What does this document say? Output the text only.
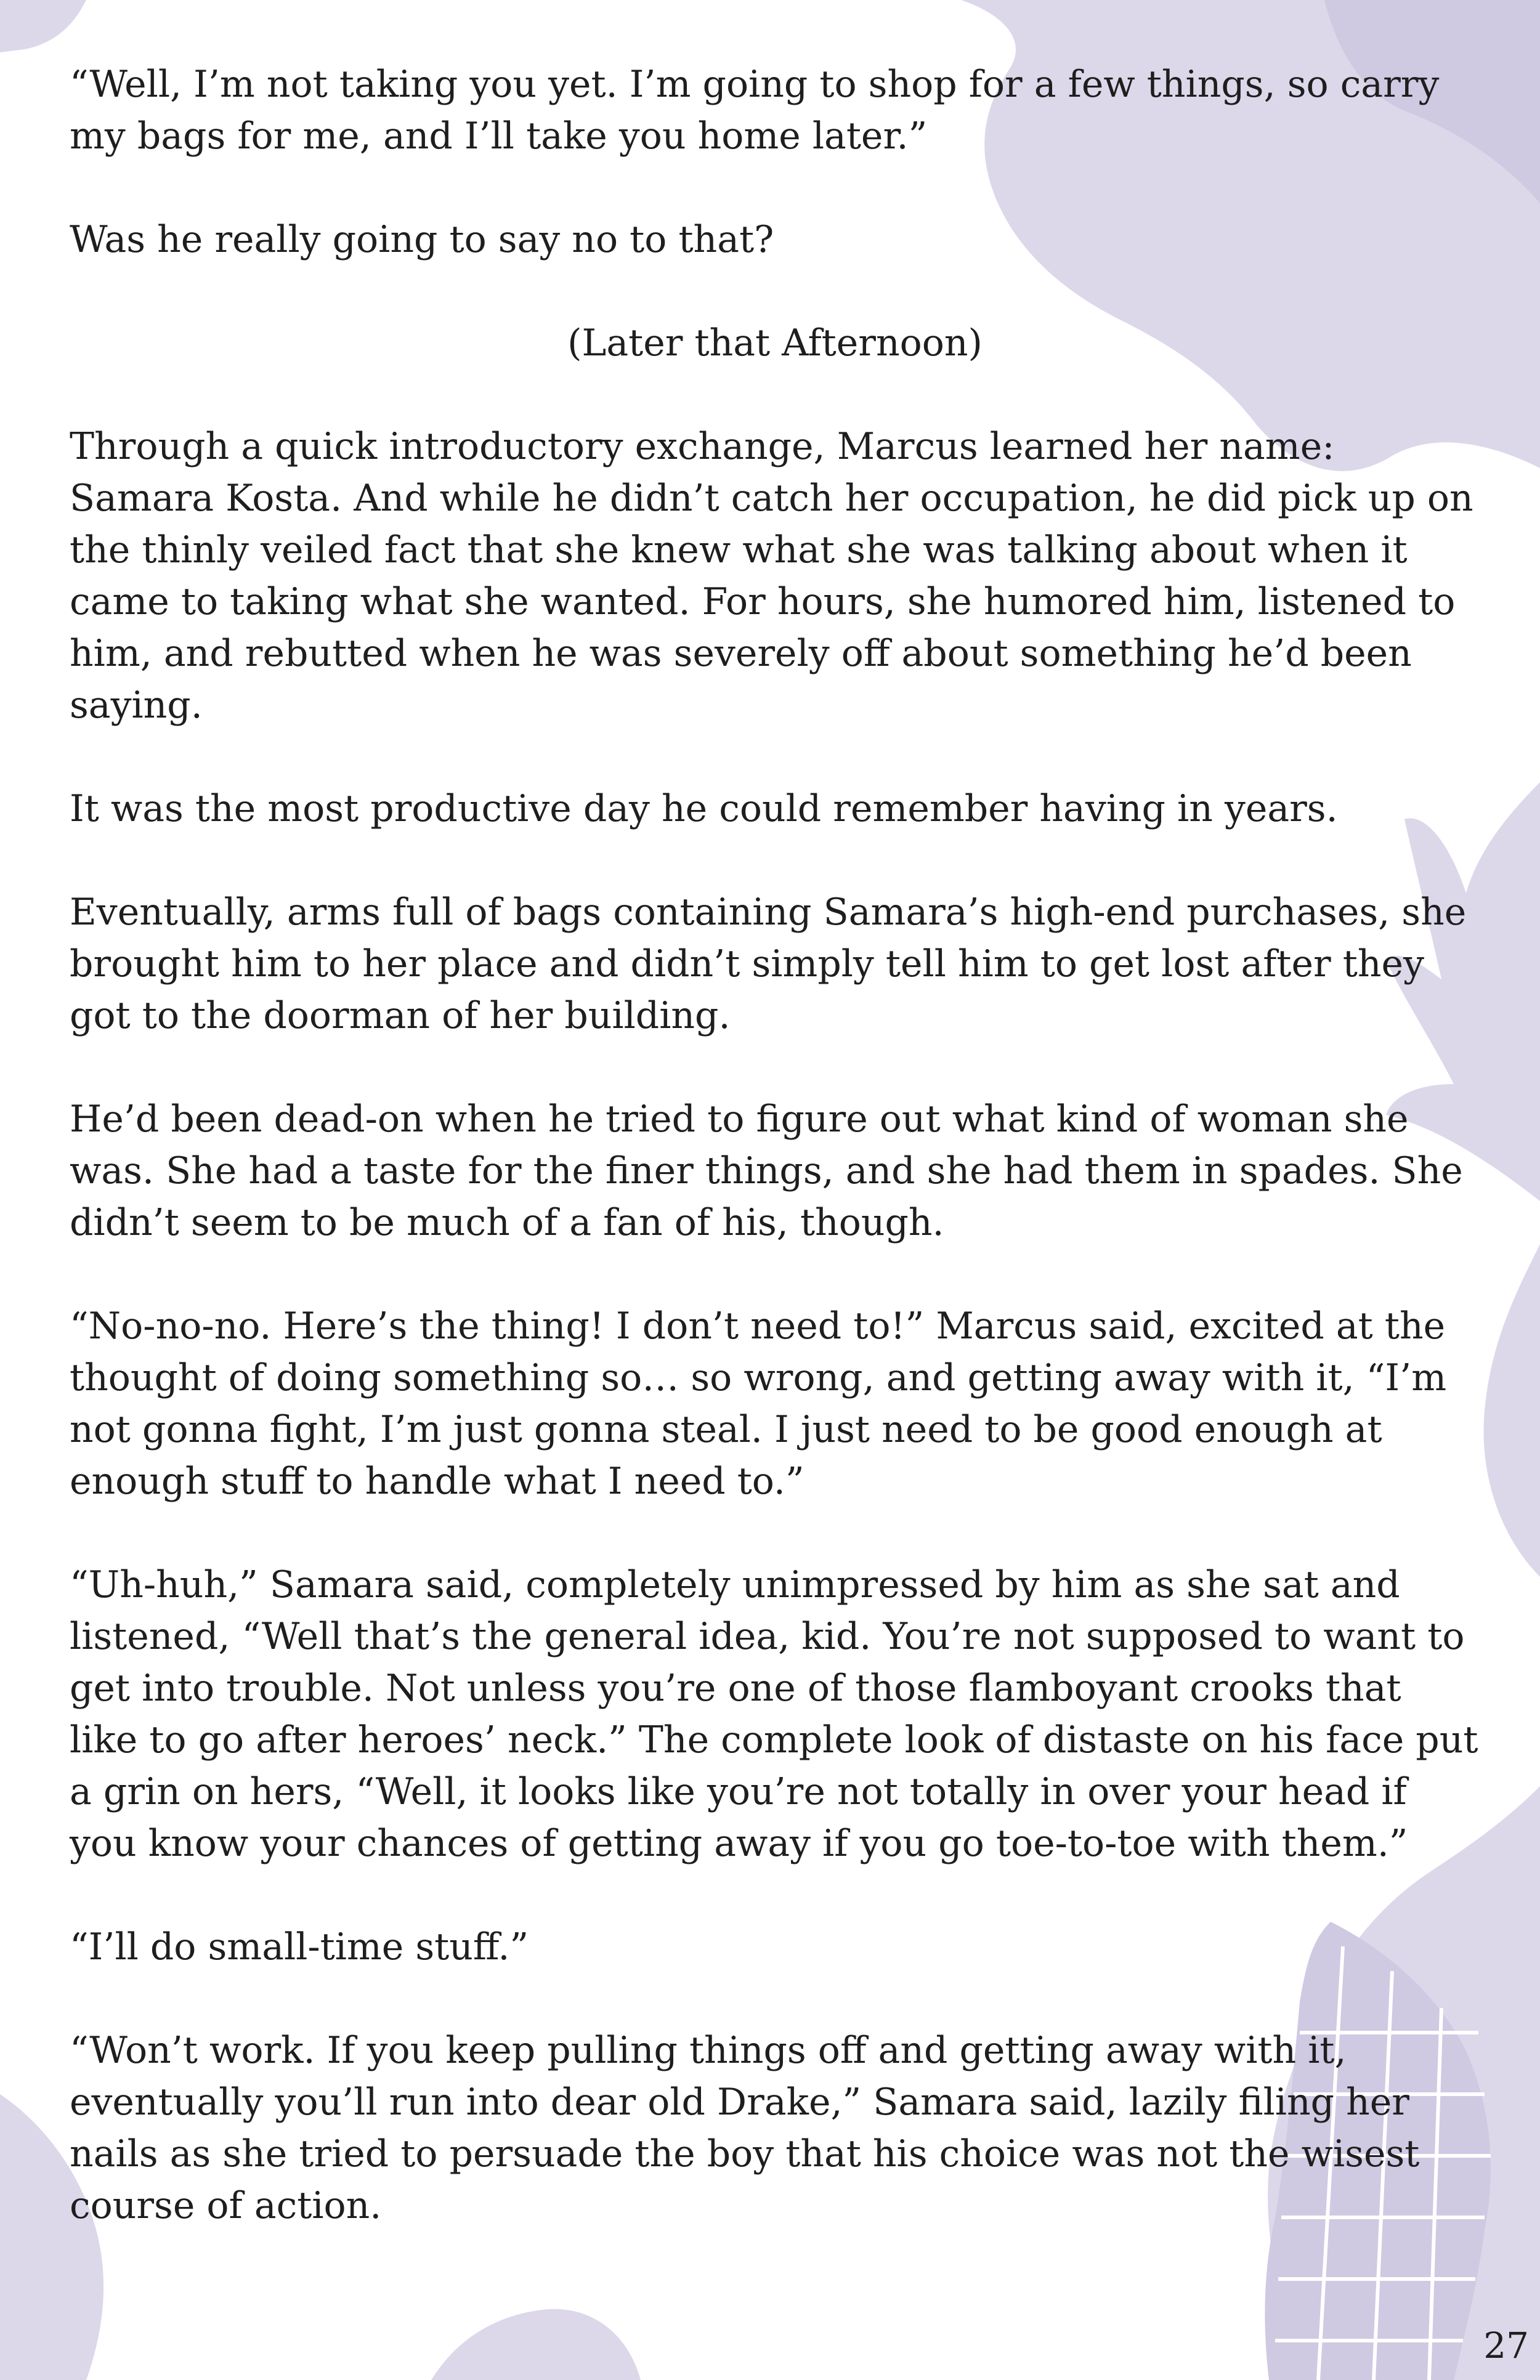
“Well, I’m not taking you yet. I’m going to shop for a few things, so carry my bags for me, and I’ll take you home later.”

Was he really going to say no to that?

(Later that Afternoon)

Through a quick introductory exchange, Marcus learned her name: Samara Kosta. And while he didn’t catch her occupation, he did pick up on the thinly veiled fact that she knew what she was talking about when it came to taking what she wanted. For hours, she humored him, listened to him, and rebutted when he was severely off about something he’d been saying.

It was the most productive day he could remember having in years.

Eventually, arms full of bags containing Samara’s high-end purchases, she brought him to her place and didn’t simply tell him to get lost after they got to the doorman of her building.

He’d been dead-on when he tried to figure out what kind of woman she was. She had a taste for the finer things, and she had them in spades. She didn’t seem to be much of a fan of his, though.

“No-no-no. Here’s the thing! I don’t need to!” Marcus said, excited at the thought of doing something so… so wrong, and getting away with it, “I’m not gonna fight, I’m just gonna steal. I just need to be good enough at enough stuff to handle what I need to.”

“Uh-huh,” Samara said, completely unimpressed by him as she sat and listened, “Well that’s the general idea, kid. You’re not supposed to want to get into trouble. Not unless you’re one of those flamboyant crooks that like to go after heroes’ neck.” The complete look of distaste on his face put a grin on hers, “Well, it looks like you’re not totally in over your head if you know your chances of getting away if you go toe-to-toe with them.”

“I’ll do small-time stuff.”

“Won’t work. If you keep pulling things off and getting away with it, eventually you’ll run into dear old Drake,” Samara said, lazily filing her nails as she tried to persuade the boy that his choice was not the wisest course of action.

27
